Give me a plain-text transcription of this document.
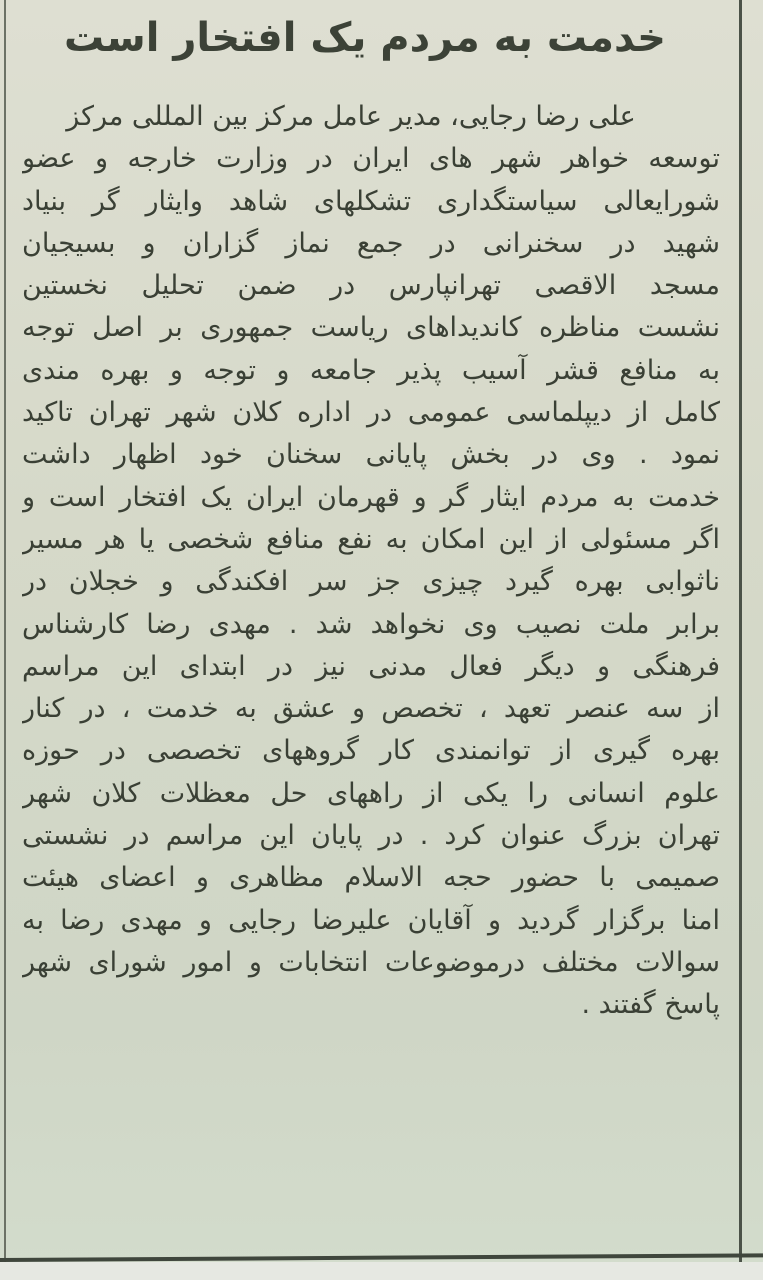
خدمت به مردم یک افتخار است
علی رضا رجایی، مدیر عامل مرکز بین المللی مرکز
توسعه خواهر شهر های ایران در وزارت خارجه و عضو
شورایعالی سیاستگداری تشکلهای شاهد وایثار گر بنیاد
شهید در سخنرانی در جمع نماز گزاران و بسیجیان
مسجد الاقصی تهرانپارس در ضمن تحلیل نخستین
نشست مناظره کاندیداهای ریاست جمهوری بر اصل توجه
به منافع قشر آسیب پذیر جامعه و توجه و بهره مندی
کامل از دیپلماسی عمومی در اداره کلان شهر تهران تاکید
نمود . وی در بخش پایانی سخنان خود اظهار داشت
خدمت به مردم ایثار گر و قهرمان ایران یک افتخار است و
اگر مسئولی از این امکان به نفع منافع شخصی یا هر مسیر
ناثوابی بهره گیرد چیزی جز سر افکندگی و خجلان در
برابر ملت نصیب وی نخواهد شد . مهدی رضا کارشناس
فرهنگی و دیگر فعال مدنی نیز در ابتدای این مراسم
از سه عنصر تعهد ، تخصص و عشق به خدمت ، در کنار
بهره گیری از توانمندی کار گروههای تخصصی در حوزه
علوم انسانی را یکی از راههای حل معظلات کلان شهر
تهران بزرگ عنوان کرد . در پایان این مراسم در نشستی
صمیمی با حضور حجه الاسلام مظاهری و اعضای هیئت
امنا برگزار گردید و آقایان علیرضا رجایی و مهدی رضا به
سوالات مختلف درموضوعات انتخابات و امور شورای شهر
پاسخ گفتند .
